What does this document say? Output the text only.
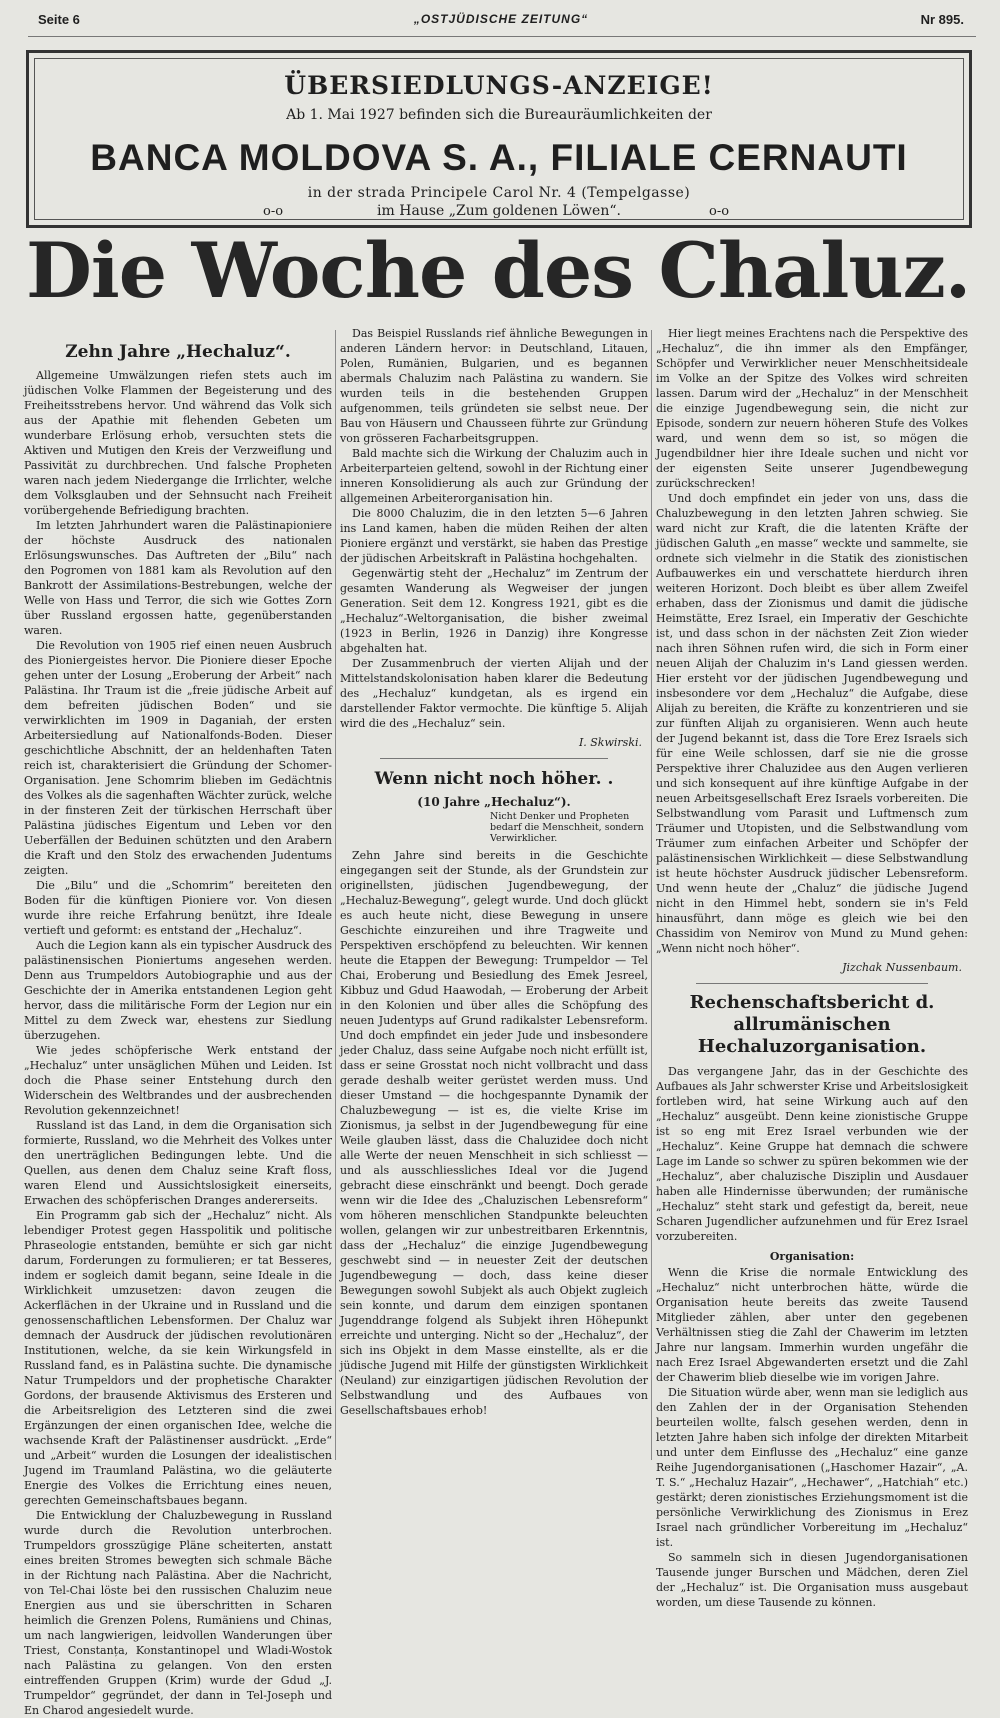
Seite 6	„OSTJÜDISCHE ZEITUNG“	Nr 895.
ÜBERSIEDLUNGS-ANZEIGE!
Ab 1. Mai 1927 befinden sich die Bureauräumlichkeiten der
BANCA MOLDOVA S. A., FILIALE CERNAUTI
in der strada Principele Carol Nr. 4 (Tempelgasse)
im Hause „Zum goldenen Löwen“.
o-o	o-o
Die Woche des Chaluz.
Zehn Jahre „Hechaluz“.

Allgemeine Umwälzungen riefen stets auch im jüdischen Volke Flammen der Begeisterung und des Freiheitsstrebens hervor. Und während das Volk sich aus der Apathie mit flehenden Gebeten um wunderbare Erlösung erhob, versuchten stets die Aktiven und Mutigen den Kreis der Verzweiflung und Passivität zu durchbrechen. Und falsche Propheten waren nach jedem Niedergange die Irrlichter, welche dem Volksglauben und der Sehnsucht nach Freiheit vorübergehende Befriedigung brachten.

Im letzten Jahrhundert waren die Palästinapioniere der höchste Ausdruck des nationalen Erlösungswunsches. Das Auftreten der „Bilu“ nach den Pogromen von 1881 kam als Revolution auf den Bankrott der Assimilations-Bestrebungen, welche der Welle von Hass und Terror, die sich wie Gottes Zorn über Russland ergossen hatte, gegenüberstanden waren.

Die Revolution von 1905 rief einen neuen Ausbruch des Pioniergeistes hervor. Die Pioniere dieser Epoche gehen unter der Losung „Eroberung der Arbeit“ nach Palästina. Ihr Traum ist die „freie jüdische Arbeit auf dem befreiten jüdischen Boden“ und sie verwirklichten im 1909 in Daganiah, der ersten Arbeitersiedlung auf Nationalfonds-Boden. Dieser geschichtliche Abschnitt, der an heldenhaften Taten reich ist, charakterisiert die Gründung der Schomer-Organisation. Jene Schomrim blieben im Gedächtnis des Volkes als die sagenhaften Wächter zurück, welche in der finsteren Zeit der türkischen Herrschaft über Palästina jüdisches Eigentum und Leben vor den Ueberfällen der Beduinen schützten und den Arabern die Kraft und den Stolz des erwachenden Judentums zeigten.

Die „Bilu“ und die „Schomrim“ bereiteten den Boden für die künftigen Pioniere vor. Von diesen wurde ihre reiche Erfahrung benützt, ihre Ideale vertieft und geformt: es entstand der „Hechaluz“.

Auch die Legion kann als ein typischer Ausdruck des palästinensischen Pioniertums angesehen werden. Denn aus Trumpeldors Autobiographie und aus der Geschichte der in Amerika entstandenen Legion geht hervor, dass die militärische Form der Legion nur ein Mittel zu dem Zweck war, ehestens zur Siedlung überzugehen.

Wie jedes schöpferische Werk entstand der „Hechaluz“ unter unsäglichen Mühen und Leiden. Ist doch die Phase seiner Entstehung durch den Widerschein des Weltbrandes und der ausbrechenden Revolution gekennzeichnet!

Russland ist das Land, in dem die Organisation sich formierte, Russland, wo die Mehrheit des Volkes unter den unerträglichen Bedingungen lebte. Und die Quellen, aus denen dem Chaluz seine Kraft floss, waren Elend und Aussichtslosigkeit einerseits, Erwachen des schöpferischen Dranges andererseits.

Ein Programm gab sich der „Hechaluz“ nicht. Als lebendiger Protest gegen Hasspolitik und politische Phraseologie entstanden, bemühte er sich gar nicht darum, Forderungen zu formulieren; er tat Besseres, indem er sogleich damit begann, seine Ideale in die Wirklichkeit umzusetzen: davon zeugen die Ackerflächen in der Ukraine und in Russland und die genossenschaftlichen Lebensformen. Der Chaluz war demnach der Ausdruck der jüdischen revolutionären Institutionen, welche, da sie kein Wirkungsfeld in Russland fand, es in Palästina suchte. Die dynamische Natur Trumpeldors und der prophetische Charakter Gordons, der brausende Aktivismus des Ersteren und die Arbeitsreligion des Letzteren sind die zwei Ergänzungen der einen organischen Idee, welche die wachsende Kraft der Palästinenser ausdrückt. „Erde“ und „Arbeit“ wurden die Losungen der idealistischen Jugend im Traumland Palästina, wo die geläuterte Energie des Volkes die Errichtung eines neuen, gerechten Gemeinschaftsbaues begann.

Die Entwicklung der Chaluzbewegung in Russland wurde durch die Revolution unterbrochen. Trumpeldors grosszügige Pläne scheiterten, anstatt eines breiten Stromes bewegten sich schmale Bäche in der Richtung nach Palästina. Aber die Nachricht, von Tel-Chai löste bei den russischen Chaluzim neue Energien aus und sie überschritten in Scharen heimlich die Grenzen Polens, Rumäniens und Chinas, um nach langwierigen, leidvollen Wanderungen über Triest, Constanța, Konstantinopel und Wladi-Wostok nach Palästina zu gelangen. Von den ersten eintreffenden Gruppen (Krim) wurde der Gdud „J. Trumpeldor“ gegründet, der dann in Tel-Joseph und En Charod angesiedelt wurde.

Das Beispiel Russlands rief ähnliche Bewegungen in anderen Ländern hervor: in Deutschland, Litauen, Polen, Rumänien, Bulgarien, und es begannen abermals Chaluzim nach Palästina zu wandern. Sie wurden teils in die bestehenden Gruppen aufgenommen, teils gründeten sie selbst neue. Der Bau von Häusern und Chausseen führte zur Gründung von grösseren Facharbeitsgruppen.

Bald machte sich die Wirkung der Chaluzim auch in Arbeiterparteien geltend, sowohl in der Richtung einer inneren Konsolidierung als auch zur Gründung der allgemeinen Arbeiterorganisation hin.

Die 8000 Chaluzim, die in den letzten 5—6 Jahren ins Land kamen, haben die müden Reihen der alten Pioniere ergänzt und verstärkt, sie haben das Prestige der jüdischen Arbeitskraft in Palästina hochgehalten.

Gegenwärtig steht der „Hechaluz“ im Zentrum der gesamten Wanderung als Wegweiser der jungen Generation. Seit dem 12. Kongress 1921, gibt es die „Hechaluz“-Weltorganisation, die bisher zweimal (1923 in Berlin, 1926 in Danzig) ihre Kongresse abgehalten hat.

Der Zusammenbruch der vierten Alijah und der Mittelstandskolonisation haben klarer die Bedeutung des „Hechaluz“ kundgetan, als es irgend ein darstellender Faktor vermochte. Die künftige 5. Alijah wird die des „Hechaluz“ sein.

I. Skwirski.

Wenn nicht noch höher. .
(10 Jahre „Hechaluz“).

Nicht Denker und Propheten bedarf die Menschheit, sondern Verwirklicher.

Zehn Jahre sind bereits in die Geschichte eingegangen seit der Stunde, als der Grundstein zur originellsten, jüdischen Jugendbewegung, der „Hechaluz-Bewegung“, gelegt wurde. Und doch glückt es auch heute nicht, diese Bewegung in unsere Geschichte einzureihen und ihre Tragweite und Perspektiven erschöpfend zu beleuchten. Wir kennen heute die Etappen der Bewegung: Trumpeldor — Tel Chai, Eroberung und Besiedlung des Emek Jesreel, Kibbuz und Gdud Haawodah, — Eroberung der Arbeit in den Kolonien und über alles die Schöpfung des neuen Judentyps auf Grund radikalster Lebensreform. Und doch empfindet ein jeder Jude und insbesondere jeder Chaluz, dass seine Aufgabe noch nicht erfüllt ist, dass er seine Grosstat noch nicht vollbracht und dass gerade deshalb weiter gerüstet werden muss. Und dieser Umstand — die hochgespannte Dynamik der Chaluzbewegung — ist es, die vielte Krise im Zionismus, ja selbst in der Jugendbewegung für eine Weile glauben lässt, dass die Chaluzidee doch nicht alle Werte der neuen Menschheit in sich schliesst — und als ausschliessliches Ideal vor die Jugend gebracht diese einschränkt und beengt. Doch gerade wenn wir die Idee des „Chaluzischen Lebensreform“ vom höheren menschlichen Standpunkte beleuchten wollen, gelangen wir zur unbestreitbaren Erkenntnis, dass der „Hechaluz“ die einzige Jugendbewegung geschwebt sind — in neuester Zeit der deutschen Jugendbewegung — doch, dass keine dieser Bewegungen sowohl Subjekt als auch Objekt zugleich sein konnte, und darum dem einzigen spontanen Jugenddrange folgend als Subjekt ihren Höhepunkt erreichte und unterging. Nicht so der „Hechaluz“, der sich ins Objekt in dem Masse einstellte, als er die jüdische Jugend mit Hilfe der günstigsten Wirklichkeit (Neuland) zur einzigartigen jüdischen Revolution der Selbstwandlung und des Aufbaues von Gesellschaftsbaues erhob!

Hier liegt meines Erachtens nach die Perspektive des „Hechaluz“, die ihn immer als den Empfänger, Schöpfer und Verwirklicher neuer Menschheitsideale im Volke an der Spitze des Volkes wird schreiten lassen. Darum wird der „Hechaluz“ in der Menschheit die einzige Jugendbewegung sein, die nicht zur Episode, sondern zur neuern höheren Stufe des Volkes ward, und wenn dem so ist, so mögen die Jugendbildner hier ihre Ideale suchen und nicht vor der eigensten Seite unserer Jugendbewegung zurückschrecken!

Und doch empfindet ein jeder von uns, dass die Chaluzbewegung in den letzten Jahren schwieg. Sie ward nicht zur Kraft, die die latenten Kräfte der jüdischen Galuth „en masse“ weckte und sammelte, sie ordnete sich vielmehr in die Statik des zionistischen Aufbauwerkes ein und verschattete hierdurch ihren weiteren Horizont. Doch bleibt es über allem Zweifel erhaben, dass der Zionismus und damit die jüdische Heimstätte, Erez Israel, ein Imperativ der Geschichte ist, und dass schon in der nächsten Zeit Zion wieder nach ihren Söhnen rufen wird, die sich in Form einer neuen Alijah der Chaluzim in's Land giessen werden. Hier ersteht vor der jüdischen Jugendbewegung und insbesondere vor dem „Hechaluz“ die Aufgabe, diese Alijah zu bereiten, die Kräfte zu konzentrieren und sie zur fünften Alijah zu organisieren. Wenn auch heute der Jugend bekannt ist, dass die Tore Erez Israels sich für eine Weile schlossen, darf sie nie die grosse Perspektive ihrer Chaluzidee aus den Augen verlieren und sich konsequent auf ihre künftige Aufgabe in der neuen Arbeitsgesellschaft Erez Israels vorbereiten. Die Selbstwandlung vom Parasit und Luftmensch zum Träumer und Utopisten, und die Selbstwandlung vom Träumer zum einfachen Arbeiter und Schöpfer der palästinensischen Wirklichkeit — diese Selbstwandlung ist heute höchster Ausdruck jüdischer Lebensreform. Und wenn heute der „Chaluz“ die jüdische Jugend nicht in den Himmel hebt, sondern sie in's Feld hinausführt, dann möge es gleich wie bei den Chassidim von Nemirov von Mund zu Mund gehen: „Wenn nicht noch höher“.

Jizchak Nussenbaum.

Rechenschaftsbericht d. allrumänischen Hechaluzorganisation.

Das vergangene Jahr, das in der Geschichte des Aufbaues als Jahr schwerster Krise und Arbeitslosigkeit fortleben wird, hat seine Wirkung auch auf den „Hechaluz“ ausgeübt. Denn keine zionistische Gruppe ist so eng mit Erez Israel verbunden wie der „Hechaluz“. Keine Gruppe hat demnach die schwere Lage im Lande so schwer zu spüren bekommen wie der „Hechaluz“, aber chaluzische Disziplin und Ausdauer haben alle Hindernisse überwunden; der rumänische „Hechaluz“ steht stark und gefestigt da, bereit, neue Scharen Jugendlicher aufzunehmen und für Erez Israel vorzubereiten.

Organisation:

Wenn die Krise die normale Entwicklung des „Hechaluz“ nicht unterbrochen hätte, würde die Organisation heute bereits das zweite Tausend Mitglieder zählen, aber unter den gegebenen Verhältnissen stieg die Zahl der Chawerim im letzten Jahre nur langsam. Immerhin wurden ungefähr die nach Erez Israel Abgewanderten ersetzt und die Zahl der Chawerim blieb dieselbe wie im vorigen Jahre.

Die Situation würde aber, wenn man sie lediglich aus den Zahlen der in der Organisation Stehenden beurteilen wollte, falsch gesehen werden, denn in letzten Jahre haben sich infolge der direkten Mitarbeit und unter dem Einflusse des „Hechaluz“ eine ganze Reihe Jugendorganisationen („Haschomer Hazair“, „A. T. S.“ „Hechaluz Hazair“, „Hechawer“, „Hatchiah“ etc.) gestärkt; deren zionistisches Erziehungsmoment ist die persönliche Verwirklichung des Zionismus in Erez Israel nach gründlicher Vorbereitung im „Hechaluz“ ist.

So sammeln sich in diesen Jugendorganisationen Tausende junger Burschen und Mädchen, deren Ziel der „Hechaluz“ ist. Die Organisation muss ausgebaut worden, um diese Tausende zu können.
